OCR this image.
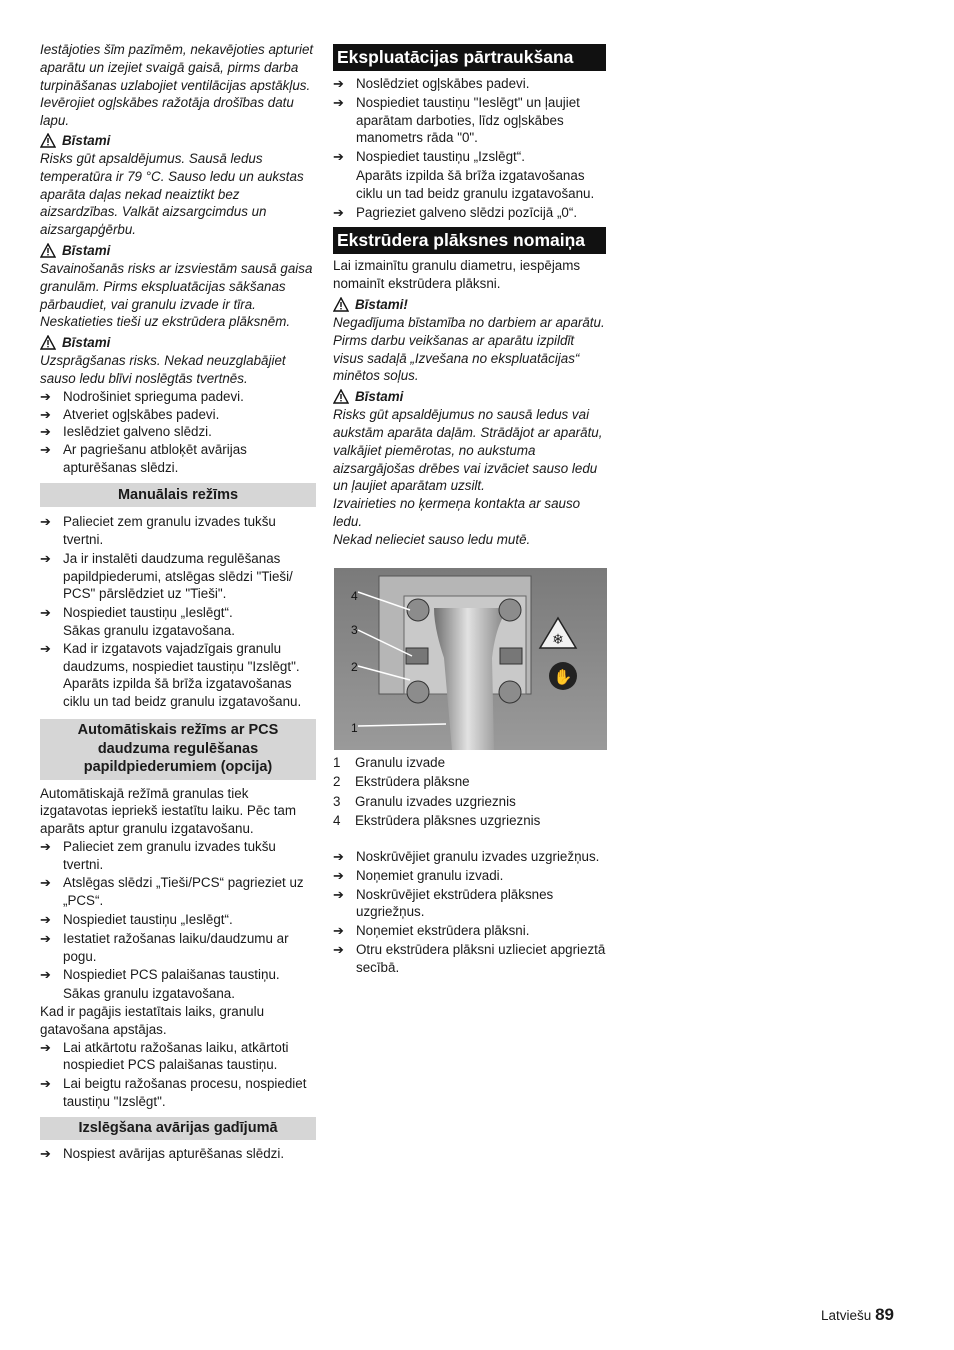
Iestājoties šīm pazīmēm, nekavējoties apturiet aparātu un izejiet svaigā gaisā, pirms darba turpināšanas uzlabojiet ventilācijas apstākļus.

Ievērojiet ogļskābes ražotāja drošības datu lapu.

Bīstami

Risks gūt apsaldējumus. Sausā ledus temperatūra ir 79 °C. Sauso ledu un aukstas aparāta daļas nekad neaiztikt bez aizsardzības. Valkāt aizsargcimdus un aizsargapģērbu.

Bīstami

Savainošanās risks ar izsviestām sausā gaisa granulām. Pirms ekspluatācijas sākšanas pārbaudiet, vai granulu izvade ir tīra. Neskatieties tieši uz ekstrūdera plāksnēm.

Bīstami

Uzsprāgšanas risks. Nekad neuzglabājiet sauso ledu blīvi noslēgtās tvertnēs.

➔ Nodrošiniet sprieguma padevi.
➔ Atveriet ogļskābes padevi.
➔ Ieslēdziet galveno slēdzi.
➔ Ar pagriešanu atbloķēt avārijas apturēšanas slēdzi.
Manuālais režīms
➔ Palieciet zem granulu izvades tukšu tvertni.
➔ Ja ir instalēti daudzuma regulēšanas papildpiederumi, atslēgas slēdzi "Tieši/ PCS" pārslēdziet uz "Tieši".
➔ Nospiediet taustiņu „Ieslēgt“.
Sākas granulu izgatavošana.
➔ Kad ir izgatavots vajadzīgais granulu daudzums, nospiediet taustiņu "Izslēgt".
Aparāts izpilda šā brīža izgatavošanas ciklu un tad beidz granulu izgatavošanu.
Automātiskais režīms ar PCS daudzuma regulēšanas papildpiederumiem (opcija)

Automātiskajā režīmā granulas tiek izgatavotas iepriekš iestatītu laiku. Pēc tam aparāts aptur granulu izgatavošanu.

➔ Palieciet zem granulu izvades tukšu tvertni.
➔ Atslēgas slēdzi „Tieši/PCS“ pagrieziet uz „PCS“.
➔ Nospiediet taustiņu „Ieslēgt“.
➔ Iestatiet ražošanas laiku/daudzumu ar pogu.
➔ Nospiediet PCS palaišanas taustiņu.
Sākas granulu izgatavošana.

Kad ir pagājis iestatītais laiks, granulu gatavošana apstājas.

➔ Lai atkārtotu ražošanas laiku, atkārtoti nospiediet PCS palaišanas taustiņu.
➔ Lai beigtu ražošanas procesu, nospiediet taustiņu "Izslēgt".
Izslēgšana avārijas gadījumā
➔ Nospiest avārijas apturēšanas slēdzi.
Ekspluatācijas pārtraukšana
➔ Noslēdziet ogļskābes padevi.
➔ Nospiediet taustiņu "Ieslēgt" un ļaujiet aparātam darboties, līdz ogļskābes manometrs rāda "0".
➔ Nospiediet taustiņu „Izslēgt“.
Aparāts izpilda šā brīža izgatavošanas ciklu un tad beidz granulu izgatavošanu.
➔ Pagrieziet galveno slēdzi pozīcijā „0“.
Ekstrūdera plāksnes nomaiņa

Lai izmainītu granulu diametru, iespējams nomainīt ekstrūdera plāksni.

Bīstami!

Negadījuma bīstamība no darbiem ar aparātu. Pirms darbu veikšanas ar aparātu izpildīt visus sadaļā „Izvešana no ekspluatācijas“ minētos soļus.

Bīstami

Risks gūt apsaldējumus no sausā ledus vai aukstām aparāta daļām. Strādājot ar aparātu, valkājiet piemērotas, no aukstuma aizsargājošas drēbes vai izvāciet sauso ledu un ļaujiet aparātam uzsilt.

Izvairieties no ķermeņa kontakta ar sauso ledu.

Nekad nelieciet sauso ledu mutē.

❄
✋
4
3
2
1
1	Granulu izvade
2	Ekstrūdera plāksne
3	Granulu izvades uzgrieznis
4	Ekstrūdera plāksnes uzgrieznis
➔ Noskrūvējiet granulu izvades uzgriežņus.
➔ Noņemiet granulu izvadi.
➔ Noskrūvējiet ekstrūdera plāksnes uzgriežņus.
➔ Noņemiet ekstrūdera plāksni.
➔ Otru ekstrūdera plāksni uzlieciet apgrieztā secībā.
Latviešu 89
